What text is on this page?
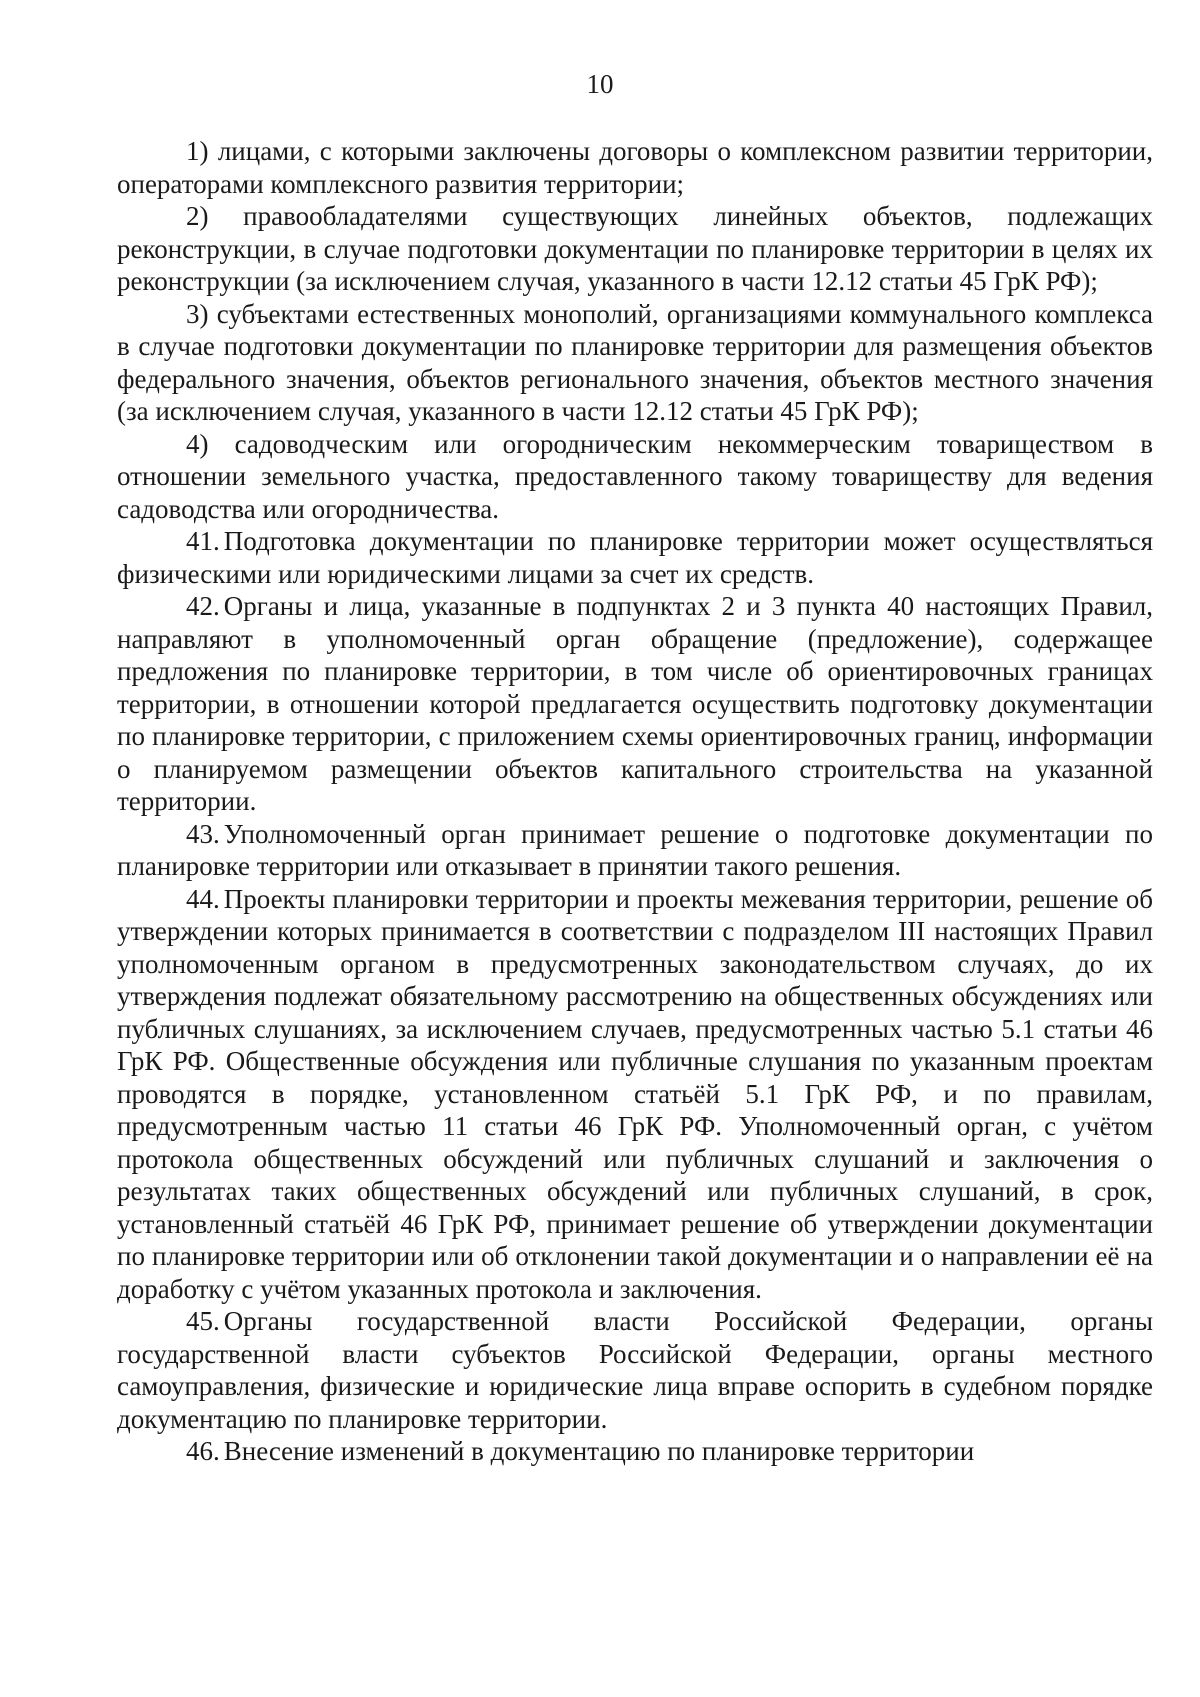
10

1) лицами, с которыми заключены договоры о комплексном развитии территории, операторами комплексного развития территории;

2) правообладателями существующих линейных объектов, подлежащих реконструкции, в случае подготовки документации по планировке территории в целях их реконструкции (за исключением случая, указанного в части 12.12 статьи 45 ГрК РФ);

3) субъектами естественных монополий, организациями коммунального комплекса в случае подготовки документации по планировке территории для размещения объектов федерального значения, объектов регионального значения, объектов местного значения (за исключением случая, указанного в части 12.12 статьи 45 ГрК РФ);

4) садоводческим или огородническим некоммерческим товариществом в отношении земельного участка, предоставленного такому товариществу для ведения садоводства или огородничества.

41. Подготовка документации по планировке территории может осуществляться физическими или юридическими лицами за счет их средств.

42. Органы и лица, указанные в подпунктах 2 и 3 пункта 40 настоящих Правил, направляют в уполномоченный орган обращение (предложение), содержащее предложения по планировке территории, в том числе об ориентировочных границах территории, в отношении которой предлагается осуществить подготовку документации по планировке территории, с приложением схемы ориентировочных границ, информации о планируемом размещении объектов капитального строительства на указанной территории.

43. Уполномоченный орган принимает решение о подготовке документации по планировке территории или отказывает в принятии такого решения.

44. Проекты планировки территории и проекты межевания территории, решение об утверждении которых принимается в соответствии с подразделом III настоящих Правил уполномоченным органом в предусмотренных законодательством случаях, до их утверждения подлежат обязательному рассмотрению на общественных обсуждениях или публичных слушаниях, за исключением случаев, предусмотренных частью 5.1 статьи 46 ГрК РФ. Общественные обсуждения или публичные слушания по указанным проектам проводятся в порядке, установленном статьёй 5.1 ГрК РФ, и по правилам, предусмотренным частью 11 статьи 46 ГрК РФ. Уполномоченный орган, с учётом протокола общественных обсуждений или публичных слушаний и заключения о результатах таких общественных обсуждений или публичных слушаний, в срок, установленный статьёй 46 ГрК РФ, принимает решение об утверждении документации по планировке территории или об отклонении такой документации и о направлении её на доработку с учётом указанных протокола и заключения.

45. Органы государственной власти Российской Федерации, органы государственной власти субъектов Российской Федерации, органы местного самоуправления, физические и юридические лица вправе оспорить в судебном порядке документацию по планировке территории.

46. Внесение изменений в документацию по планировке территории
